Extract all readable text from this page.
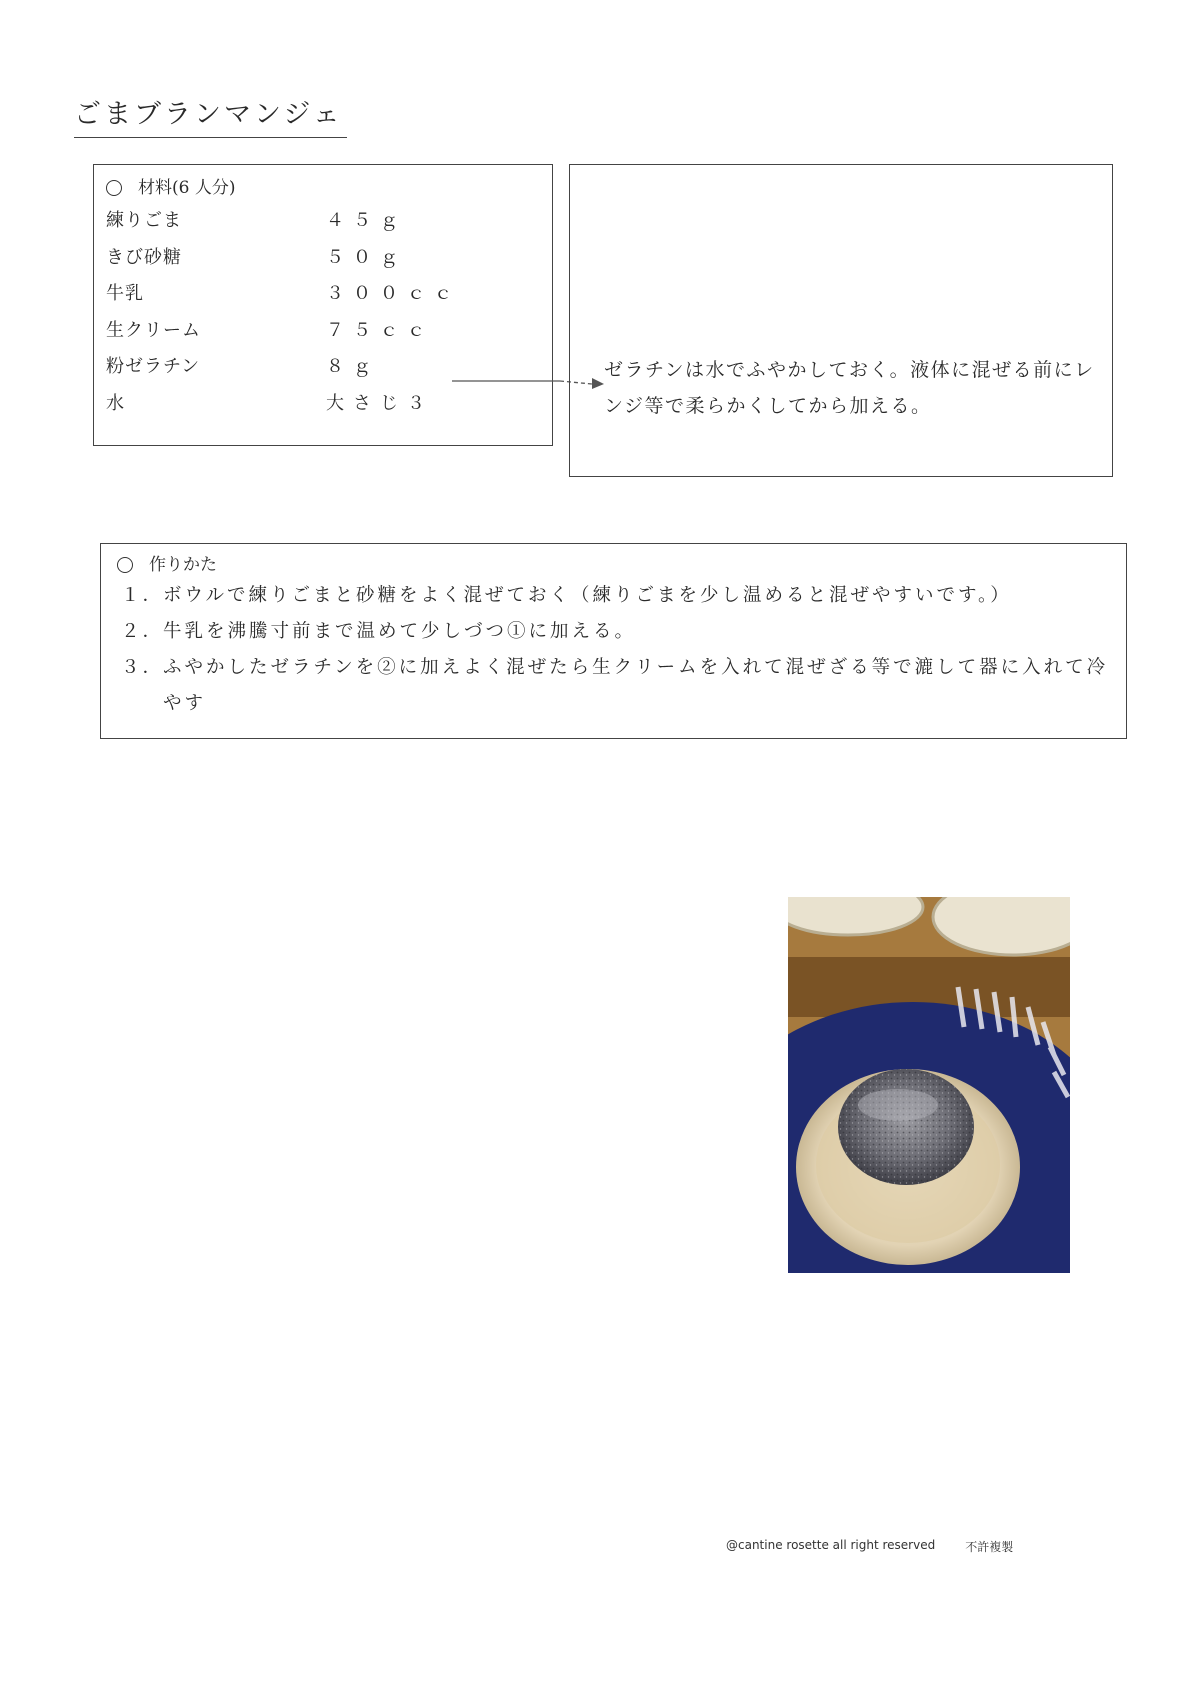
ごまブランマンジェ
材料(6 人分)
練りごま	４５ｇ
きび砂糖	５０ｇ
牛乳	３００ｃｃ
生クリーム	７５ｃｃ
粉ゼラチン	８ｇ
水	大さじ３
ゼラチンは水でふやかしておく。液体に混ぜる前にレンジ等で柔らかくしてから加える。
作りかた
１．
ボウルで練りごまと砂糖をよく混ぜておく（練りごまを少し温めると混ぜやすいです。）
２．
牛乳を沸騰寸前まで温めて少しづつ①に加える。
３．
ふやかしたゼラチンを②に加えよく混ぜたら生クリームを入れて混ぜざる等で漉して器に入れて冷やす
@cantine rosette all right reserved	不許複製
